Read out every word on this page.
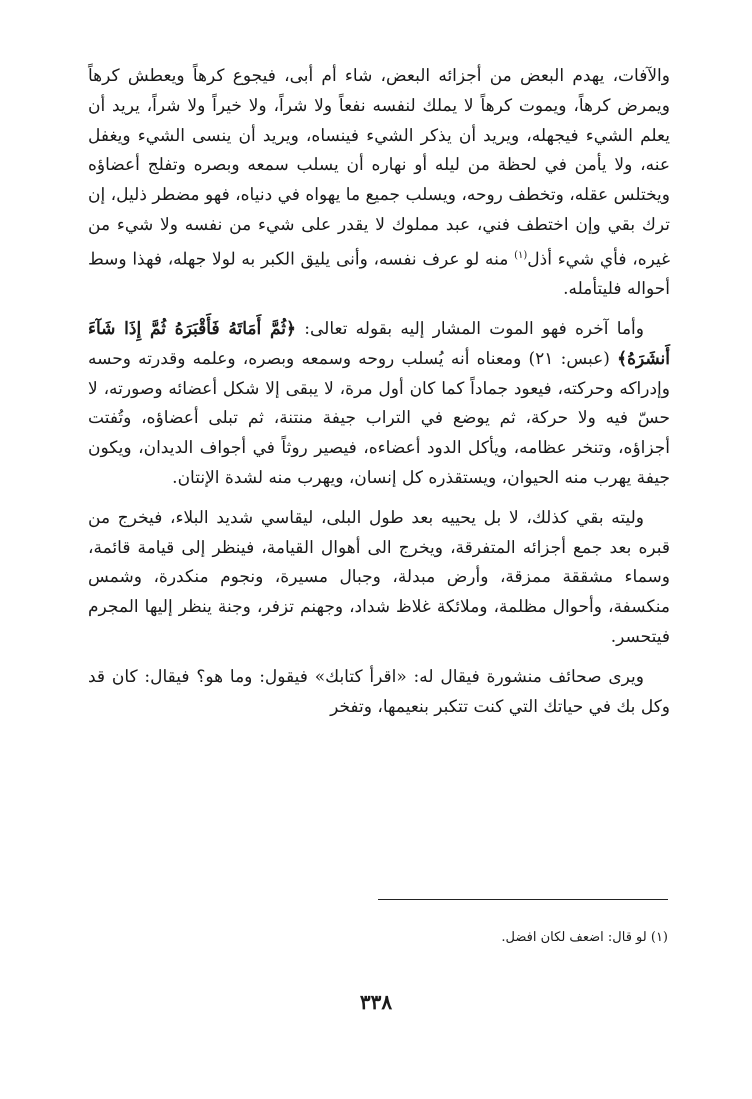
والآفات، يهدم البعض من أجزائه البعض، شاء أم أبى، فيجوع كرهاً ويعطش كرهاً ويمرض كرهاً، ويموت كرهاً لا يملك لنفسه نفعاً ولا شراً، ولا خيراً ولا شراً، يريد أن يعلم الشيء فيجهله، ويريد أن يذكر الشيء فينساه، ويريد أن ينسى الشيء ويغفل عنه، ولا يأمن في لحظة من ليله أو نهاره أن يسلب سمعه وبصره وتفلج أعضاؤه ويختلس عقله، وتخطف روحه، ويسلب جميع ما يهواه في دنياه، فهو مضطر ذليل، إن ترك بقي وإن اختطف فني، عبد مملوك لا يقدر على شيء من نفسه ولا شيء من غيره، فأي شيء أذل$^{(١)}$ منه لو عرف نفسه، وأنى يليق الكبر به لولا جهله، فهذا وسط أحواله فليتأمله.

وأما آخره فهو الموت المشار إليه بقوله تعالى: ﴿ثُمَّ أَمَاتَهُ فَأَقْبَرَهُ ثُمَّ إِذَا شَآءَ أَنشَرَهُ﴾ (عبس: ٢١) ومعناه أنه يُسلب روحه وسمعه وبصره، وعلمه وقدرته وحسه وإدراكه وحركته، فيعود جماداً كما كان أول مرة، لا يبقى إلا شكل أعضائه وصورته، لا حسّ فيه ولا حركة، ثم يوضع في التراب جيفة منتنة، ثم تبلى أعضاؤه، وتُفتت أجزاؤه، وتنخر عظامه، ويأكل الدود أعضاءه، فيصير روثاً في أجواف الديدان، ويكون جيفة يهرب منه الحيوان، ويستقذره كل إنسان، ويهرب منه لشدة الإنتان.

وليته بقي كذلك، لا بل يحييه بعد طول البلى، ليقاسي شديد البلاء، فيخرج من قبره بعد جمع أجزائه المتفرقة، ويخرج الى أهوال القيامة، فينظر إلى قيامة قائمة، وسماء مشققة ممزقة، وأرض مبدلة، وجبال مسيرة، ونجوم منكدرة، وشمس منكسفة، وأحوال مظلمة، وملائكة غلاظ شداد، وجهنم تزفر، وجنة ينظر إليها المجرم فيتحسر.

ويرى صحائف منشورة فيقال له: «اقرأ كتابك» فيقول: وما هو؟ فيقال: كان قد وكل بك في حياتك التي كنت تتكبر بنعيمها، وتفخر

(١) لو قال: اضعف لكان افضل.
٣٣٨
